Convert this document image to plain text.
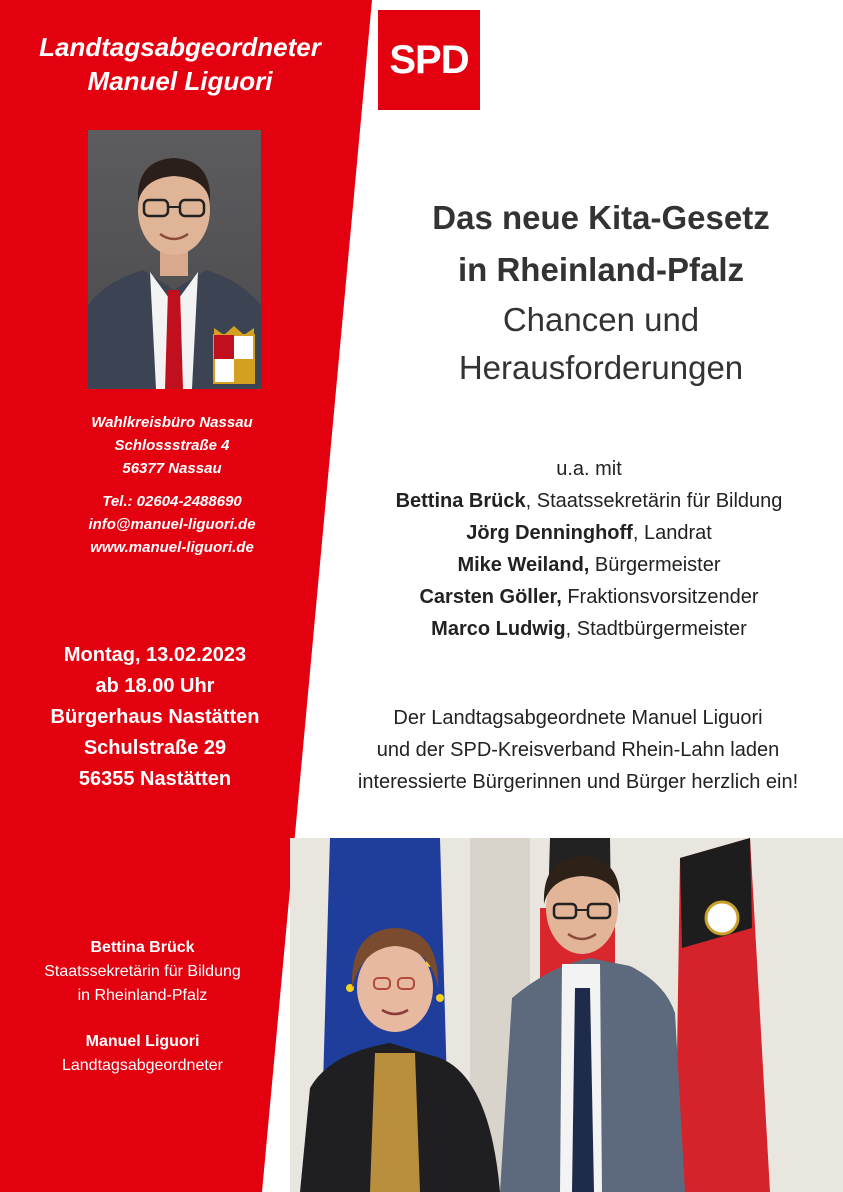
Landtagsabgeordneter
Manuel Liguori
Wahlkreisbüro Nassau
Schlossstraße 4
56377 Nassau
Tel.: 02604-2488690
info@manuel-liguori.de
www.manuel-liguori.de
Montag, 13.02.2023
ab 18.00 Uhr
Bürgerhaus Nastätten
Schulstraße 29
56355 Nastätten
Bettina Brück
Staatssekretärin für Bildung
in Rheinland-Pfalz
Manuel Liguori
Landtagsabgeordneter
SPD
Das neue Kita-Gesetz
in Rheinland-Pfalz
Chancen und
Herausforderungen
u.a. mit
Bettina Brück, Staatssekretärin für Bildung
Jörg Denninghoff, Landrat
Mike Weiland, Bürgermeister
Carsten Göller, Fraktionsvorsitzender
Marco Ludwig, Stadtbürgermeister
Der Landtagsabgeordnete Manuel Liguori
und der SPD-Kreisverband Rhein-Lahn laden
interessierte Bürgerinnen und Bürger herzlich ein!
